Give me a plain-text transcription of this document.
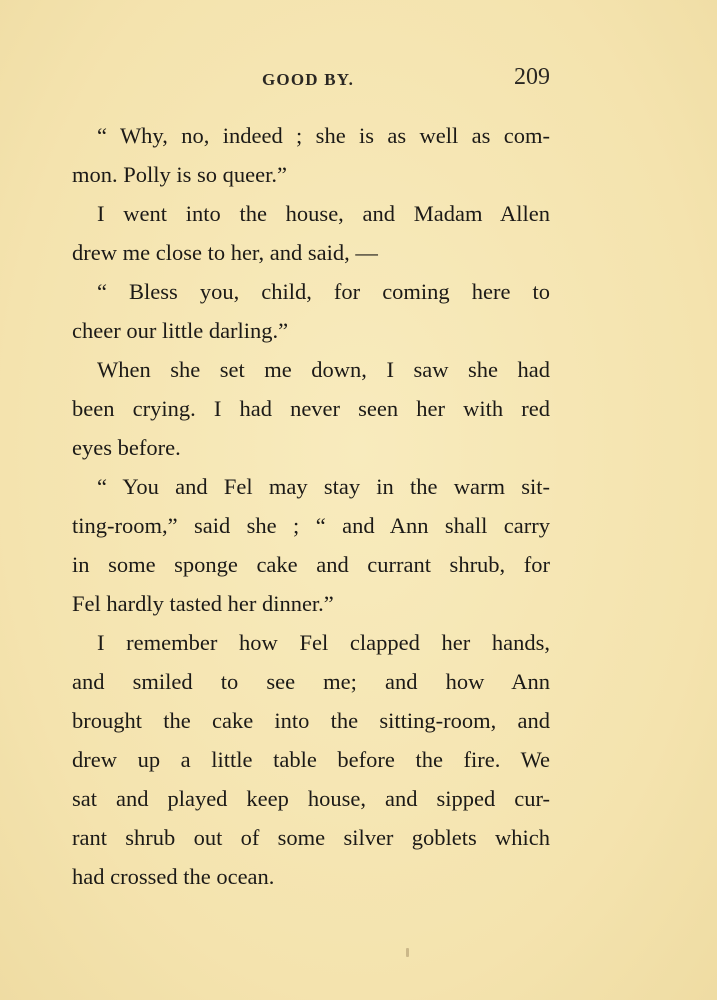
GOOD BY.	209
“ Why, no, indeed ; she is as well as com-
mon. Polly is so queer.”
I went into the house, and Madam Allen
drew me close to her, and said, —
“ Bless you, child, for coming here to
cheer our little darling.”
When she set me down, I saw she had
been crying. I had never seen her with red
eyes before.
“ You and Fel may stay in the warm sit-
ting-room,” said she ; “ and Ann shall carry
in some sponge cake and currant shrub, for
Fel hardly tasted her dinner.”
I remember how Fel clapped her hands,
and smiled to see me; and how Ann
brought the cake into the sitting-room, and
drew up a little table before the fire. We
sat and played keep house, and sipped cur-
rant shrub out of some silver goblets which
had crossed the ocean.
